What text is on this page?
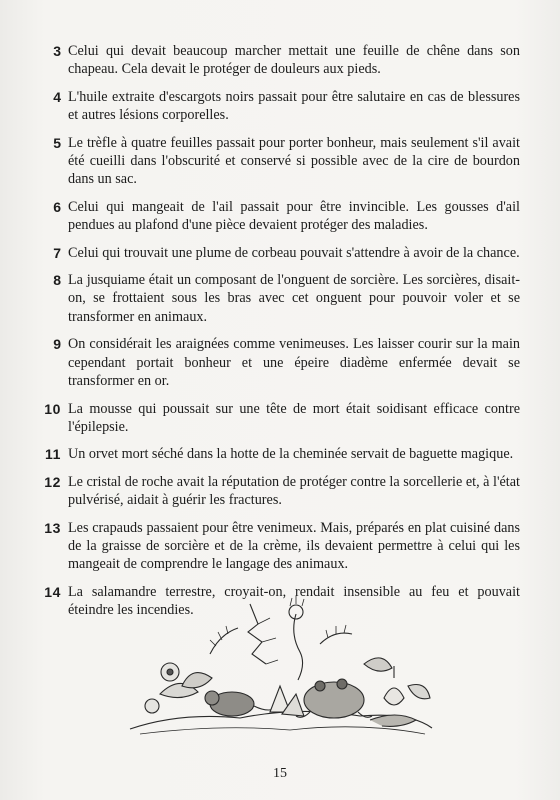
3 Celui qui devait beaucoup marcher mettait une feuille de chêne dans son chapeau. Cela devait le protéger de douleurs aux pieds.
4 L'huile extraite d'escargots noirs passait pour être salutaire en cas de blessures et autres lésions corporelles.
5 Le trèfle à quatre feuilles passait pour porter bonheur, mais seulement s'il avait été cueilli dans l'obscurité et conservé si possible avec de la cire de bourdon dans un sac.
6 Celui qui mangeait de l'ail passait pour être invincible. Les gousses d'ail pendues au plafond d'une pièce devaient protéger des maladies.
7 Celui qui trouvait une plume de corbeau pouvait s'attendre à avoir de la chance.
8 La jusquiame était un composant de l'onguent de sorcière. Les sorcières, disait-on, se frottaient sous les bras avec cet onguent pour pouvoir voler et se transformer en animaux.
9 On considérait les araignées comme venimeuses. Les laisser courir sur la main cependant portait bonheur et une épeire diadème enfermée devait se transformer en or.
10 La mousse qui poussait sur une tête de mort était soidisant efficace contre l'épilepsie.
11 Un orvet mort séché dans la hotte de la cheminée servait de baguette magique.
12 Le cristal de roche avait la réputation de protéger contre la sorcellerie et, à l'état pulvérisé, aidait à guérir les fractures.
13 Les crapauds passaient pour être venimeux. Mais, préparés en plat cuisiné dans de la graisse de sorcière et de la crème, ils devaient permettre à celui qui les mangeait de comprendre le langage des animaux.
14 La salamandre terrestre, croyait-on, rendait insensible au feu et pouvait éteindre les incendies.
15
